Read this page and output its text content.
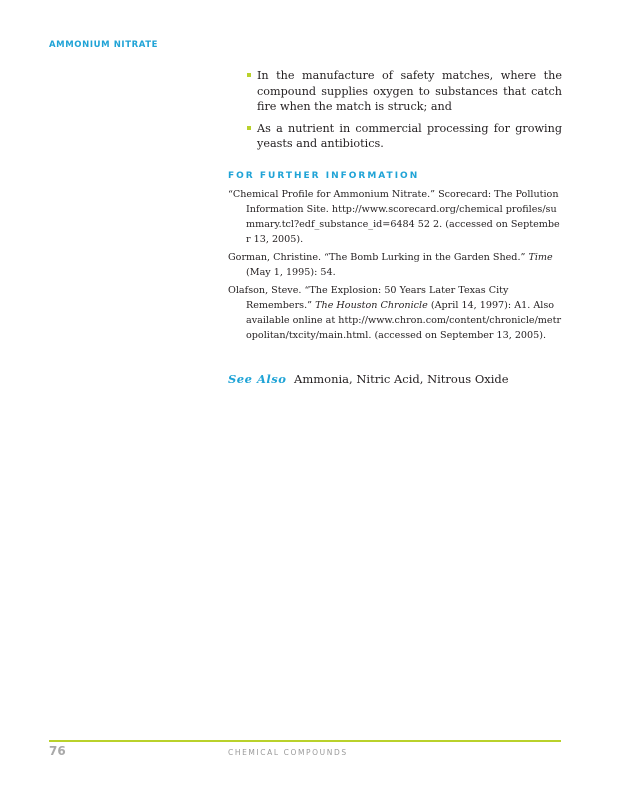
AMMONIUM NITRATE
In the manufacture of safety matches, where the compound supplies oxygen to substances that catch fire when the match is struck; and
As a nutrient in commercial processing for growing yeasts and antibiotics.
FOR FURTHER INFORMATION
“Chemical Profile for Ammonium Nitrate.” Scorecard: The Pollution Information Site. http://www.scorecard.org/chemical profiles/summary.tcl?edf_substance_id=6484 52 2. (accessed on September 13, 2005).
Gorman, Christine. “The Bomb Lurking in the Garden Shed.” Time (May 1, 1995): 54.
Olafson, Steve. “The Explosion: 50 Years Later Texas City Remembers.” The Houston Chronicle (April 14, 1997): A1. Also available online at http://www.chron.com/content/chronicle/metropolitan/txcity/main.html. (accessed on September 13, 2005).
See Also Ammonia, Nitric Acid, Nitrous Oxide
76	CHEMICAL COMPOUNDS
